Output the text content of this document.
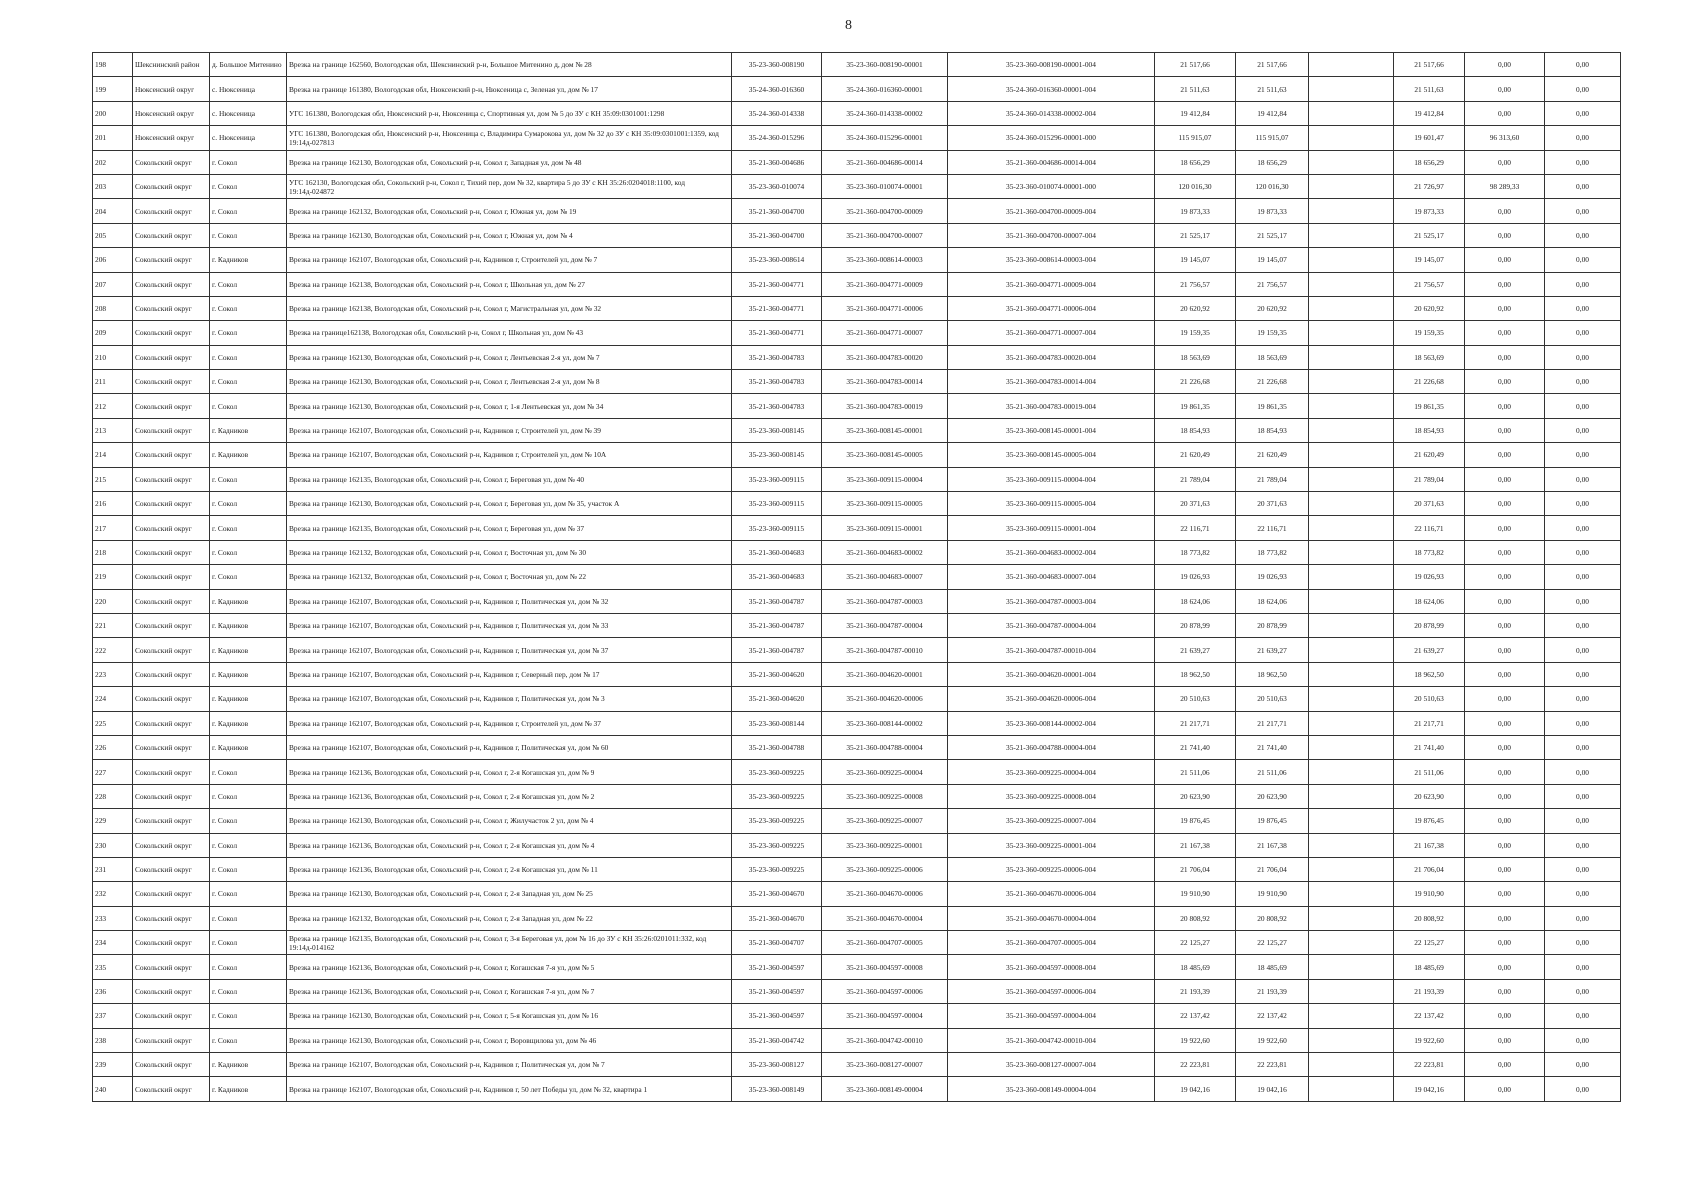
8
198	Шекснинский район	д. Большое Митенино	Врезка на границе 162560, Вологодская обл, Шекснинский р-н, Большое Митенино д, дом № 28	35-23-360-008190	35-23-360-008190-00001	35-23-360-008190-00001-004	21 517,66	21 517,66		21 517,66	0,00	0,00
199	Нюксенский округ	с. Нюксеница	Врезка на границе 161380, Вологодская обл, Нюксенский р-н, Нюксеница с, Зеленая ул, дом № 17	35-24-360-016360	35-24-360-016360-00001	35-24-360-016360-00001-004	21 511,63	21 511,63		21 511,63	0,00	0,00
200	Нюксенский округ	с. Нюксеница	УГС 161380, Вологодская обл, Нюксенский р-н, Нюксеница с, Спортивная ул, дом № 5 до ЗУ с КН 35:09:0301001:1298	35-24-360-014338	35-24-360-014338-00002	35-24-360-014338-00002-004	19 412,84	19 412,84		19 412,84	0,00	0,00
201	Нюксенский округ	с. Нюксеница	УГС 161380, Вологодская обл, Нюксенский р-н, Нюксеница с, Владимира Сумарокова ул, дом № 32 до ЗУ с КН 35:09:0301001:1359, код 19:14д-027813	35-24-360-015296	35-24-360-015296-00001	35-24-360-015296-00001-000	115 915,07	115 915,07		19 601,47	96 313,60	0,00
202	Сокольский округ	г. Сокол	Врезка на границе 162130, Вологодская обл, Сокольский р-н, Сокол г, Западная ул, дом № 48	35-21-360-004686	35-21-360-004686-00014	35-21-360-004686-00014-004	18 656,29	18 656,29		18 656,29	0,00	0,00
203	Сокольский округ	г. Сокол	УГС 162130, Вологодская обл, Сокольский р-н, Сокол г, Тихий пер, дом № 32, квартира 5 до ЗУ с КН 35:26:0204018:1100, код 19:14д-024872	35-23-360-010074	35-23-360-010074-00001	35-23-360-010074-00001-000	120 016,30	120 016,30		21 726,97	98 289,33	0,00
204	Сокольский округ	г. Сокол	Врезка на границе 162132, Вологодская обл, Сокольский р-н, Сокол г, Южная ул, дом № 19	35-21-360-004700	35-21-360-004700-00009	35-21-360-004700-00009-004	19 873,33	19 873,33		19 873,33	0,00	0,00
205	Сокольский округ	г. Сокол	Врезка на границе 162130, Вологодская обл, Сокольский р-н, Сокол г, Южная ул, дом № 4	35-21-360-004700	35-21-360-004700-00007	35-21-360-004700-00007-004	21 525,17	21 525,17		21 525,17	0,00	0,00
206	Сокольский округ	г. Кадников	Врезка на границе 162107, Вологодская обл, Сокольский р-н, Кадников г, Строителей ул, дом № 7	35-23-360-008614	35-23-360-008614-00003	35-23-360-008614-00003-004	19 145,07	19 145,07		19 145,07	0,00	0,00
207	Сокольский округ	г. Сокол	Врезка на границе 162138, Вологодская обл, Сокольский р-н, Сокол г, Школьная ул, дом № 27	35-21-360-004771	35-21-360-004771-00009	35-21-360-004771-00009-004	21 756,57	21 756,57		21 756,57	0,00	0,00
208	Сокольский округ	г. Сокол	Врезка на границе 162138, Вологодская обл, Сокольский р-н, Сокол г, Магистральная ул, дом № 32	35-21-360-004771	35-21-360-004771-00006	35-21-360-004771-00006-004	20 620,92	20 620,92		20 620,92	0,00	0,00
209	Сокольский округ	г. Сокол	Врезка на границе162138, Вологодская обл, Сокольский р-н, Сокол г, Школьная ул, дом № 43	35-21-360-004771	35-21-360-004771-00007	35-21-360-004771-00007-004	19 159,35	19 159,35		19 159,35	0,00	0,00
210	Сокольский округ	г. Сокол	Врезка на границе 162130, Вологодская обл, Сокольский р-н, Сокол г, Лентьевская 2-я ул, дом № 7	35-21-360-004783	35-21-360-004783-00020	35-21-360-004783-00020-004	18 563,69	18 563,69		18 563,69	0,00	0,00
211	Сокольский округ	г. Сокол	Врезка на границе 162130, Вологодская обл, Сокольский р-н, Сокол г, Лентьевская 2-я ул, дом № 8	35-21-360-004783	35-21-360-004783-00014	35-21-360-004783-00014-004	21 226,68	21 226,68		21 226,68	0,00	0,00
212	Сокольский округ	г. Сокол	Врезка на границе 162130, Вологодская обл, Сокольский р-н, Сокол г, 1-я Лентьевская ул, дом № 34	35-21-360-004783	35-21-360-004783-00019	35-21-360-004783-00019-004	19 861,35	19 861,35		19 861,35	0,00	0,00
213	Сокольский округ	г. Кадников	Врезка на границе 162107, Вологодская обл, Сокольский р-н, Кадников г, Строителей ул, дом № 39	35-23-360-008145	35-23-360-008145-00001	35-23-360-008145-00001-004	18 854,93	18 854,93		18 854,93	0,00	0,00
214	Сокольский округ	г. Кадников	Врезка на границе 162107, Вологодская обл, Сокольский р-н, Кадников г, Строителей ул, дом № 10А	35-23-360-008145	35-23-360-008145-00005	35-23-360-008145-00005-004	21 620,49	21 620,49		21 620,49	0,00	0,00
215	Сокольский округ	г. Сокол	Врезка на границе 162135, Вологодская обл, Сокольский р-н, Сокол г, Береговая ул, дом № 40	35-23-360-009115	35-23-360-009115-00004	35-23-360-009115-00004-004	21 789,04	21 789,04		21 789,04	0,00	0,00
216	Сокольский округ	г. Сокол	Врезка на границе 162130, Вологодская обл, Сокольский р-н, Сокол г, Береговая ул, дом № 35, участок А	35-23-360-009115	35-23-360-009115-00005	35-23-360-009115-00005-004	20 371,63	20 371,63		20 371,63	0,00	0,00
217	Сокольский округ	г. Сокол	Врезка на границе 162135, Вологодская обл, Сокольский р-н, Сокол г, Береговая ул, дом № 37	35-23-360-009115	35-23-360-009115-00001	35-23-360-009115-00001-004	22 116,71	22 116,71		22 116,71	0,00	0,00
218	Сокольский округ	г. Сокол	Врезка на границе 162132, Вологодская обл, Сокольский р-н, Сокол г, Восточная ул, дом № 30	35-21-360-004683	35-21-360-004683-00002	35-21-360-004683-00002-004	18 773,82	18 773,82		18 773,82	0,00	0,00
219	Сокольский округ	г. Сокол	Врезка на границе 162132, Вологодская обл, Сокольский р-н, Сокол г, Восточная ул, дом № 22	35-21-360-004683	35-21-360-004683-00007	35-21-360-004683-00007-004	19 026,93	19 026,93		19 026,93	0,00	0,00
220	Сокольский округ	г. Кадников	Врезка на границе 162107, Вологодская обл, Сокольский р-н, Кадников г, Политическая ул, дом № 32	35-21-360-004787	35-21-360-004787-00003	35-21-360-004787-00003-004	18 624,06	18 624,06		18 624,06	0,00	0,00
221	Сокольский округ	г. Кадников	Врезка на границе 162107, Вологодская обл, Сокольский р-н, Кадников г, Политическая ул, дом № 33	35-21-360-004787	35-21-360-004787-00004	35-21-360-004787-00004-004	20 878,99	20 878,99		20 878,99	0,00	0,00
222	Сокольский округ	г. Кадников	Врезка на границе 162107, Вологодская обл, Сокольский р-н, Кадников г, Политическая ул, дом № 37	35-21-360-004787	35-21-360-004787-00010	35-21-360-004787-00010-004	21 639,27	21 639,27		21 639,27	0,00	0,00
223	Сокольский округ	г. Кадников	Врезка на границе 162107, Вологодская обл, Сокольский р-н, Кадников г, Северный пер, дом № 17	35-21-360-004620	35-21-360-004620-00001	35-21-360-004620-00001-004	18 962,50	18 962,50		18 962,50	0,00	0,00
224	Сокольский округ	г. Кадников	Врезка на границе 162107, Вологодская обл, Сокольский р-н, Кадников г, Политическая ул, дом № 3	35-21-360-004620	35-21-360-004620-00006	35-21-360-004620-00006-004	20 510,63	20 510,63		20 510,63	0,00	0,00
225	Сокольский округ	г. Кадников	Врезка на границе 162107, Вологодская обл, Сокольский р-н, Кадников г, Строителей ул, дом № 37	35-23-360-008144	35-23-360-008144-00002	35-23-360-008144-00002-004	21 217,71	21 217,71		21 217,71	0,00	0,00
226	Сокольский округ	г. Кадников	Врезка на границе 162107, Вологодская обл, Сокольский р-н, Кадников г, Политическая ул, дом № 60	35-21-360-004788	35-21-360-004788-00004	35-21-360-004788-00004-004	21 741,40	21 741,40		21 741,40	0,00	0,00
227	Сокольский округ	г. Сокол	Врезка на границе 162136, Вологодская обл, Сокольский р-н, Сокол г, 2-я Когашская ул, дом № 9	35-23-360-009225	35-23-360-009225-00004	35-23-360-009225-00004-004	21 511,06	21 511,06		21 511,06	0,00	0,00
228	Сокольский округ	г. Сокол	Врезка на границе 162136, Вологодская обл, Сокольский р-н, Сокол г, 2-я Когашская ул, дом № 2	35-23-360-009225	35-23-360-009225-00008	35-23-360-009225-00008-004	20 623,90	20 623,90		20 623,90	0,00	0,00
229	Сокольский округ	г. Сокол	Врезка на границе 162130, Вологодская обл, Сокольский р-н, Сокол г, Жилучасток 2 ул, дом № 4	35-23-360-009225	35-23-360-009225-00007	35-23-360-009225-00007-004	19 876,45	19 876,45		19 876,45	0,00	0,00
230	Сокольский округ	г. Сокол	Врезка на границе 162136, Вологодская обл, Сокольский р-н, Сокол г, 2-я Когашская ул, дом № 4	35-23-360-009225	35-23-360-009225-00001	35-23-360-009225-00001-004	21 167,38	21 167,38		21 167,38	0,00	0,00
231	Сокольский округ	г. Сокол	Врезка на границе 162136, Вологодская обл, Сокольский р-н, Сокол г, 2-я Когашская ул, дом № 11	35-23-360-009225	35-23-360-009225-00006	35-23-360-009225-00006-004	21 706,04	21 706,04		21 706,04	0,00	0,00
232	Сокольский округ	г. Сокол	Врезка на границе 162130, Вологодская обл, Сокольский р-н, Сокол г, 2-я Западная ул, дом № 25	35-21-360-004670	35-21-360-004670-00006	35-21-360-004670-00006-004	19 910,90	19 910,90		19 910,90	0,00	0,00
233	Сокольский округ	г. Сокол	Врезка на границе 162132, Вологодская обл, Сокольский р-н, Сокол г, 2-я Западная ул, дом № 22	35-21-360-004670	35-21-360-004670-00004	35-21-360-004670-00004-004	20 808,92	20 808,92		20 808,92	0,00	0,00
234	Сокольский округ	г. Сокол	Врезка на границе 162135, Вологодская обл, Сокольский р-н, Сокол г, 3-я Береговая ул, дом № 16 до ЗУ с КН 35:26:0201011:332, код 19:14д-014162	35-21-360-004707	35-21-360-004707-00005	35-21-360-004707-00005-004	22 125,27	22 125,27		22 125,27	0,00	0,00
235	Сокольский округ	г. Сокол	Врезка на границе 162136, Вологодская обл, Сокольский р-н, Сокол г, Когашская 7-я ул, дом № 5	35-21-360-004597	35-21-360-004597-00008	35-21-360-004597-00008-004	18 485,69	18 485,69		18 485,69	0,00	0,00
236	Сокольский округ	г. Сокол	Врезка на границе 162136, Вологодская обл, Сокольский р-н, Сокол г, Когашская 7-я ул, дом № 7	35-21-360-004597	35-21-360-004597-00006	35-21-360-004597-00006-004	21 193,39	21 193,39		21 193,39	0,00	0,00
237	Сокольский округ	г. Сокол	Врезка на границе 162130, Вологодская обл, Сокольский р-н, Сокол г, 5-я Когашская ул, дом № 16	35-21-360-004597	35-21-360-004597-00004	35-21-360-004597-00004-004	22 137,42	22 137,42		22 137,42	0,00	0,00
238	Сокольский округ	г. Сокол	Врезка на границе 162130, Вологодская обл, Сокольский р-н, Сокол г, Воровщилова ул, дом № 46	35-21-360-004742	35-21-360-004742-00010	35-21-360-004742-00010-004	19 922,60	19 922,60		19 922,60	0,00	0,00
239	Сокольский округ	г. Кадников	Врезка на границе 162107, Вологодская обл, Сокольский р-н, Кадников г, Политическая ул, дом № 7	35-23-360-008127	35-23-360-008127-00007	35-23-360-008127-00007-004	22 223,81	22 223,81		22 223,81	0,00	0,00
240	Сокольский округ	г. Кадников	Врезка на границе 162107, Вологодская обл, Сокольский р-н, Кадников г, 50 лет Победы ул, дом № 32, квартира 1	35-23-360-008149	35-23-360-008149-00004	35-23-360-008149-00004-004	19 042,16	19 042,16		19 042,16	0,00	0,00
